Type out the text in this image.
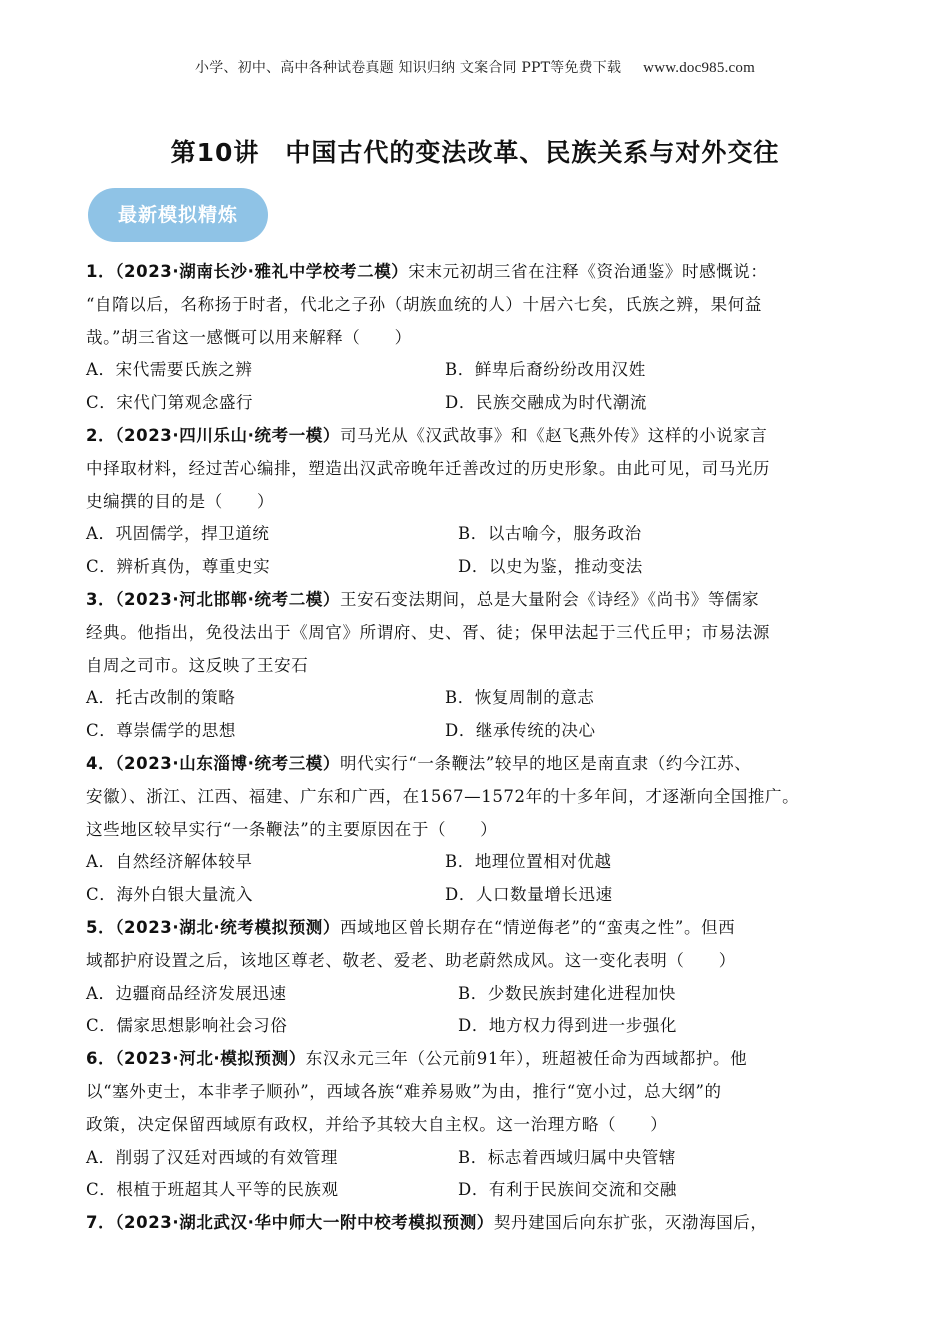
小学、初中、高中各种试卷真题 知识归纳 文案合同 PPT等免费下载 www.doc985.com
第10讲　中国古代的变法改革、民族关系与对外交往
最新模拟精炼
1．（2023·湖南长沙·雅礼中学校考二模）宋末元初胡三省在注释《资治通鉴》时感慨说：
“自隋以后，名称扬于时者，代北之子孙（胡族血统的人）十居六七矣，氏族之辨，果何益
哉。”胡三省这一感慨可以用来解释（　　）
A．宋代需要氏族之辨	B．鲜卑后裔纷纷改用汉姓
C．宋代门第观念盛行	D．民族交融成为时代潮流
2．（2023·四川乐山·统考一模）司马光从《汉武故事》和《赵飞燕外传》这样的小说家言
中择取材料，经过苦心编排，塑造出汉武帝晚年迁善改过的历史形象。由此可见，司马光历
史编撰的目的是（　　）
A．巩固儒学，捍卫道统	B．以古喻今，服务政治
C．辨析真伪，尊重史实	D．以史为鉴，推动变法
3．（2023·河北邯郸·统考二模）王安石变法期间，总是大量附会《诗经》《尚书》等儒家
经典。他指出，免役法出于《周官》所谓府、史、胥、徒；保甲法起于三代丘甲；市易法源
自周之司市。这反映了王安石
A．托古改制的策略	B．恢复周制的意志
C．尊崇儒学的思想	D．继承传统的决心
4．（2023·山东淄博·统考三模）明代实行“一条鞭法”较早的地区是南直隶（约今江苏、
安徽）、浙江、江西、福建、广东和广西，在1567—1572年的十多年间，才逐渐向全国推广。
这些地区较早实行“一条鞭法”的主要原因在于（　　）
A．自然经济解体较早	B．地理位置相对优越
C．海外白银大量流入	D．人口数量增长迅速
5．（2023·湖北·统考模拟预测）西域地区曾长期存在“情逆侮老”的“蛮夷之性”。但西
域都护府设置之后，该地区尊老、敬老、爱老、助老蔚然成风。这一变化表明（　　）
A．边疆商品经济发展迅速	B．少数民族封建化进程加快
C．儒家思想影响社会习俗	D．地方权力得到进一步强化
6．（2023·河北·模拟预测）东汉永元三年（公元前91年），班超被任命为西域都护。他
以“塞外吏士，本非孝子顺孙”，西域各族“难养易败”为由，推行“宽小过，总大纲”的
政策，决定保留西域原有政权，并给予其较大自主权。这一治理方略（　　）
A．削弱了汉廷对西域的有效管理	B．标志着西域归属中央管辖
C．根植于班超其人平等的民族观	D．有利于民族间交流和交融
7．（2023·湖北武汉·华中师大一附中校考模拟预测）契丹建国后向东扩张，灭渤海国后，
